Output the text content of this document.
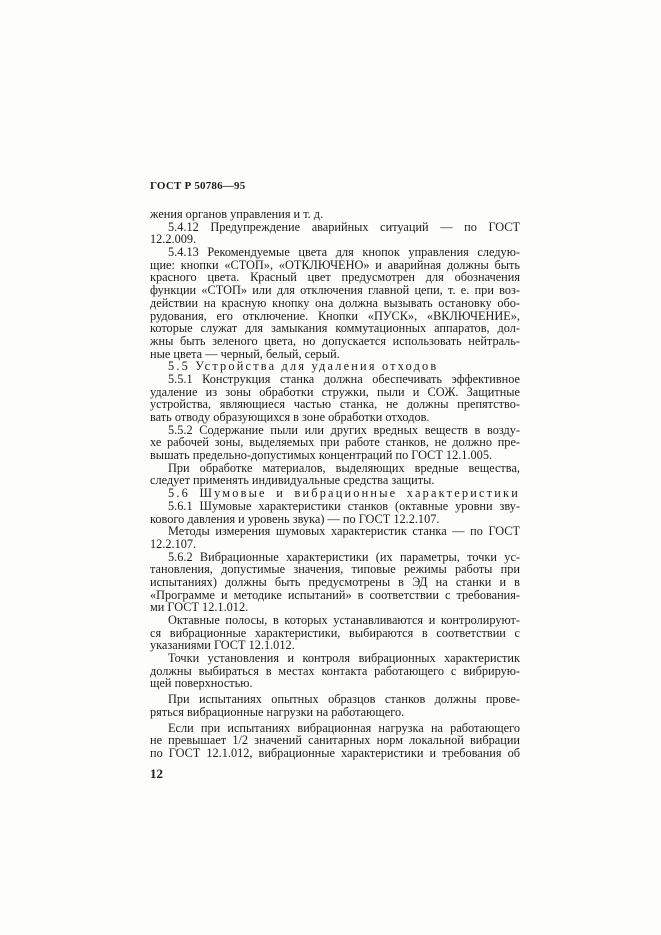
ГОСТ Р 50786—95
жения органов управления и т. д.
5.4.12 Предупреждение аварийных ситуаций — по ГОСТ
12.2.009.
5.4.13 Рекомендуемые цвета для кнопок управления следую-
щие: кнопки «СТОП», «ОТКЛЮЧЕНО» и аварийная должны быть
красного цвета. Красный цвет предусмотрен для обозначения
функции «СТОП» или для отключения главной цепи, т. е. при воз-
действии на красную кнопку она должна вызывать остановку обо-
рудования, его отключение. Кнопки «ПУСК», «ВКЛЮЧЕНИЕ»,
которые служат для замыкания коммутационных аппаратов, дол-
жны быть зеленого цвета, но допускается использовать нейтраль-
ные цвета — черный, белый, серый.
5.5 Устройства для удаления отходов
5.5.1 Конструкция станка должна обеспечивать эффективное
удаление из зоны обработки стружки, пыли и СОЖ. Защитные
устройства, являющиеся частью станка, не должны препятство-
вать отводу образующихся в зоне обработки отходов.
5.5.2 Содержание пыли или других вредных веществ в возду-
хе рабочей зоны, выделяемых при работе станков, не должно пре-
вышать предельно-допустимых концентраций по ГОСТ 12.1.005.
При обработке материалов, выделяющих вредные вещества,
следует применять индивидуальные средства защиты.
5.6 Шумовые и вибрационные характеристики
5.6.1 Шумовые характеристики станков (октавные уровни зву-
кового давления и уровень звука) — по ГОСТ 12.2.107.
Методы измерения шумовых характеристик станка — по ГОСТ
12.2.107.
5.6.2 Вибрационные характеристики (их параметры, точки ус-
тановления, допустимые значения, типовые режимы работы при
испытаниях) должны быть предусмотрены в ЭД на станки и в
«Программе и методике испытаний» в соответствии с требования-
ми ГОСТ 12.1.012.
Октавные полосы, в которых устанавливаются и контролируют-
ся вибрационные характеристики, выбираются в соответствии с
указаниями ГОСТ 12.1.012.
Точки установления и контроля вибрационных характеристик
должны выбираться в местах контакта работающего с вибрирую-
щей поверхностью.
При испытаниях опытных образцов станков должны прове-
ряться вибрационные нагрузки на работающего.
Если при испытаниях вибрационная нагрузка на работающего
не превышает 1/2 значений санитарных норм локальной вибрации
по ГОСТ 12.1.012, вибрационные характеристики и требования об
12
